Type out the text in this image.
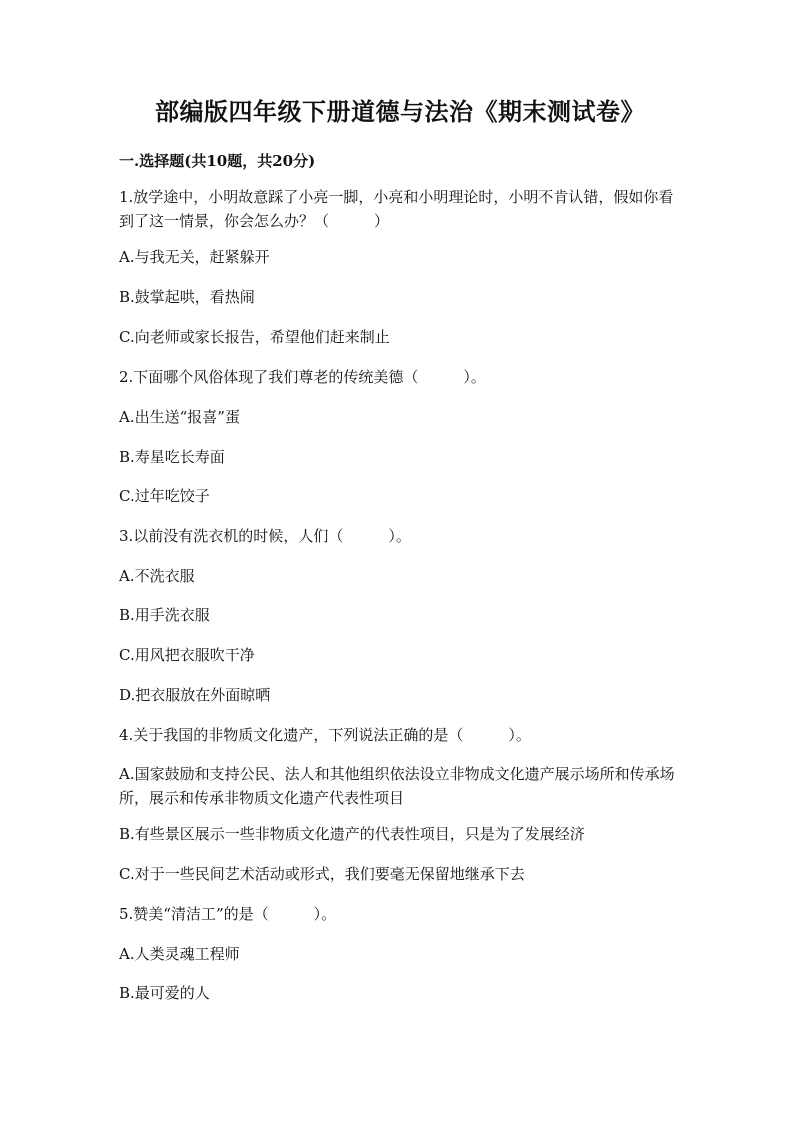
部编版四年级下册道德与法治《期末测试卷》
一.选择题(共10题，共20分)
1.放学途中，小明故意踩了小亮一脚，小亮和小明理论时，小明不肯认错，假如你看到了这一情景，你会怎么办？（　　　）
A.与我无关，赶紧躲开
B.鼓掌起哄，看热闹
C.向老师或家长报告，希望他们赶来制止
2.下面哪个风俗体现了我们尊老的传统美德（　　　）。
A.出生送“报喜”蛋
B.寿星吃长寿面
C.过年吃饺子
3.以前没有洗衣机的时候，人们（　　　）。
A.不洗衣服
B.用手洗衣服
C.用风把衣服吹干净
D.把衣服放在外面晾晒
4.关于我国的非物质文化遗产，下列说法正确的是（　　　）。
A.国家鼓励和支持公民、法人和其他组织依法设立非物成文化遗产展示场所和传承场所，展示和传承非物质文化遗产代表性项目
B.有些景区展示一些非物质文化遗产的代表性项目，只是为了发展经济
C.对于一些民间艺术活动或形式，我们要毫无保留地继承下去
5.赞美“清洁工”的是（　　　）。
A.人类灵魂工程师
B.最可爱的人
